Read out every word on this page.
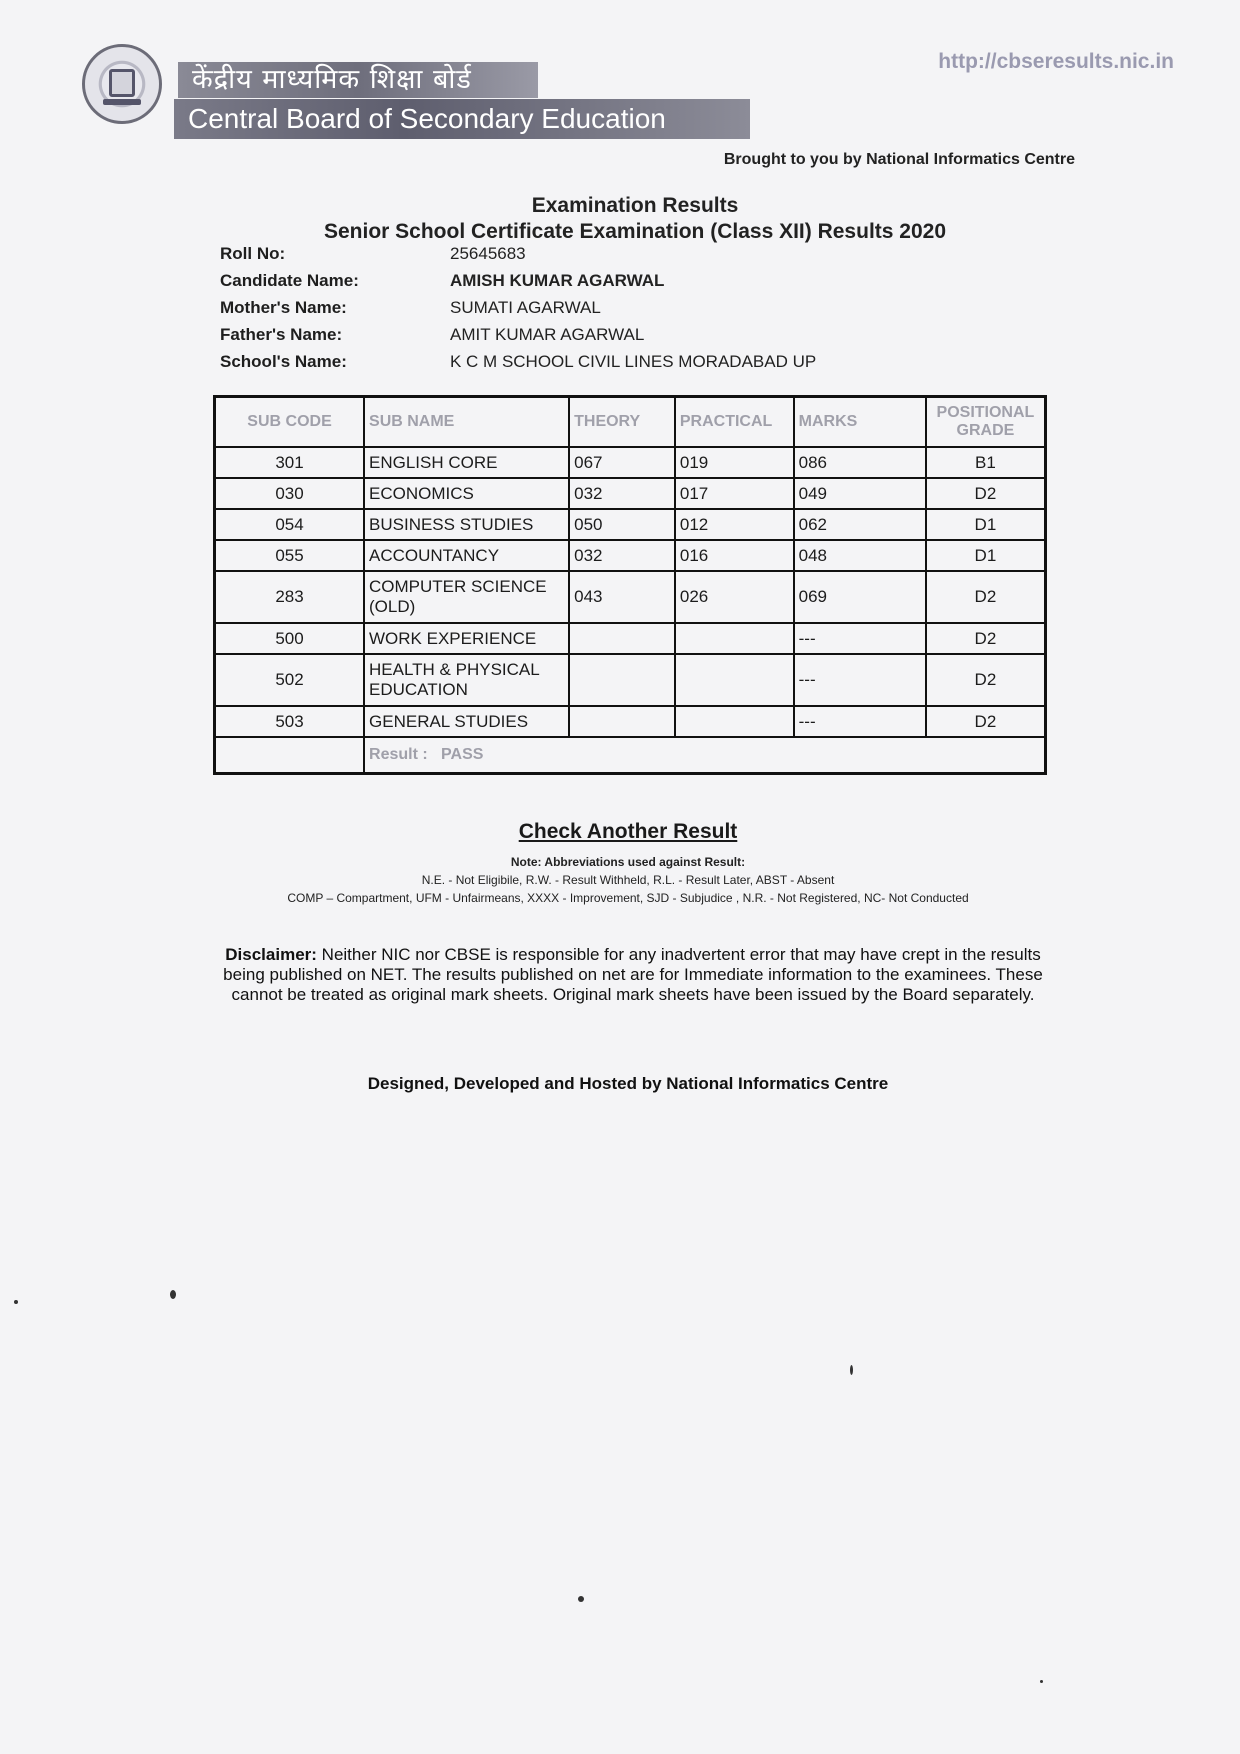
केंद्रीय माध्यमिक शिक्षा बोर्ड
Central Board of Secondary Education
http://cbseresults.nic.in
Brought to you by National Informatics Centre
Examination Results
Senior School Certificate Examination (Class XII) Results 2020
Roll No:	25645683
Candidate Name:	AMISH KUMAR AGARWAL
Mother's Name:	SUMATI AGARWAL
Father's Name:	AMIT KUMAR AGARWAL
School's Name:	K C M SCHOOL CIVIL LINES MORADABAD UP
SUB CODE	SUB NAME	THEORY	PRACTICAL	MARKS	POSITIONAL GRADE
301	ENGLISH CORE	067	019	086	B1
030	ECONOMICS	032	017	049	D2
054	BUSINESS STUDIES	050	012	062	D1
055	ACCOUNTANCY	032	016	048	D1
283	COMPUTER SCIENCE (OLD)	043	026	069	D2
500	WORK EXPERIENCE			---	D2
502	HEALTH & PHYSICAL EDUCATION			---	D2
503	GENERAL STUDIES			---	D2
	Result : PASS				
Check Another Result
Note: Abbreviations used against Result:
N.E. - Not Eligibile, R.W. - Result Withheld, R.L. - Result Later, ABST - Absent
COMP – Compartment, UFM - Unfairmeans, XXXX - Improvement, SJD - Subjudice , N.R. - Not Registered, NC- Not Conducted
Disclaimer: Neither NIC nor CBSE is responsible for any inadvertent error that may have crept in the results being published on NET. The results published on net are for Immediate information to the examinees. These cannot be treated as original mark sheets. Original mark sheets have been issued by the Board separately.
Designed, Developed and Hosted by National Informatics Centre
